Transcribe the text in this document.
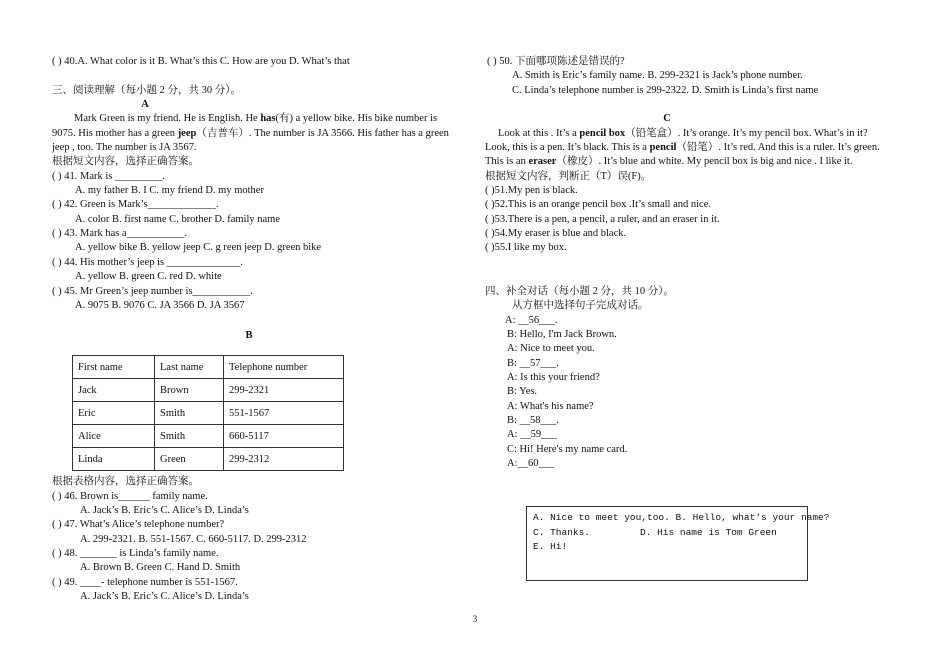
( ) 40.A. What color is it B. What’s this C. How are you D. What’s that
三、阅读理解（每小题 2 分，共 30 分）。
A
Mark Green is my friend. He is English. He has(有) a yellow bike. His bike number is
9075. His mother has a green jeep（吉普车）. The number is JA 3566. His father has a green
jeep , too. The number is JA 3567.
根据短文内容，选择正确答案。
( ) 41. Mark is _________.
A. my father B. I C. my friend D. my mother
( ) 42. Green is Mark’s_____________.
A. color B. first name C. brother D. family name
( ) 43. Mark has a___________.
A. yellow bike B. yellow jeep C. g reen jeep D. green bike
( ) 44. His mother’s jeep is ______________.
A. yellow B. green C. red D. white
( ) 45. Mr Green’s jeep number is___________.
A. 9075 B. 9076 C. JA 3566 D. JA 3567
B
First name	Last name	Telephone number
Jack	Brown	299-2321
Eric	Smith	551-1567
Alice	Smith	660-5117
Linda	Green	299-2312
根据表格内容，选择正确答案。
( ) 46. Brown is______ family name.
A. Jack’s B. Eric’s C. Alice’s D. Linda’s
( ) 47. What’s Alice’s telephone number?
A. 299-2321. B. 551-1567. C. 660-5117. D. 299-2312
( ) 48. _______ is Linda’s family name.
A. Brown B. Green C. Hand D. Smith
( ) 49. ____- telephone number is 551-1567.
A. Jack’s B. Eric’s C. Alice’s D. Linda’s
( ) 50. 下面哪项陈述是错误的?
A. Smith is Eric’s family name. B. 299-2321 is Jack’s phone number.
C. Linda’s telephone number is 299-2322. D. Smith is Linda’s first name
C
Look at this . It’s a pencil box（铅笔盒）. It’s orange. It’s my pencil box. What’s in it?
Look, this is a pen. It’s black. This is a pencil（铅笔）. It’s red. And this is a ruler. It’s green.
This is an eraser（橡皮）. It’s blue and white. My pencil box is big and nice . I like it.
根据短文内容，判断正（T）误(F)。
( )51.My pen is black.
( )52.This is an orange pencil box .It’s small and nice.
( )53.There is a pen, a pencil, a ruler, and an eraser in it.
( )54.My eraser is blue and black.
( )55.I like my box.
四、补全对话（每小题 2 分，共 10 分）。
从方框中选择句子完成对话。
A: __56___.
B: Hello, I'm Jack Brown.
A: Nice to meet you.
B: __57___.
A: Is this your friend?
B: Yes.
A: What's his name?
B: __58___.
A: __59___
C: Hi! Here's my name card.
A:__60___
A. Nice to meet you,too. B. Hello, what's your name?
C. Thanks.	D. His name is Tom Green
E. Hi!
3
